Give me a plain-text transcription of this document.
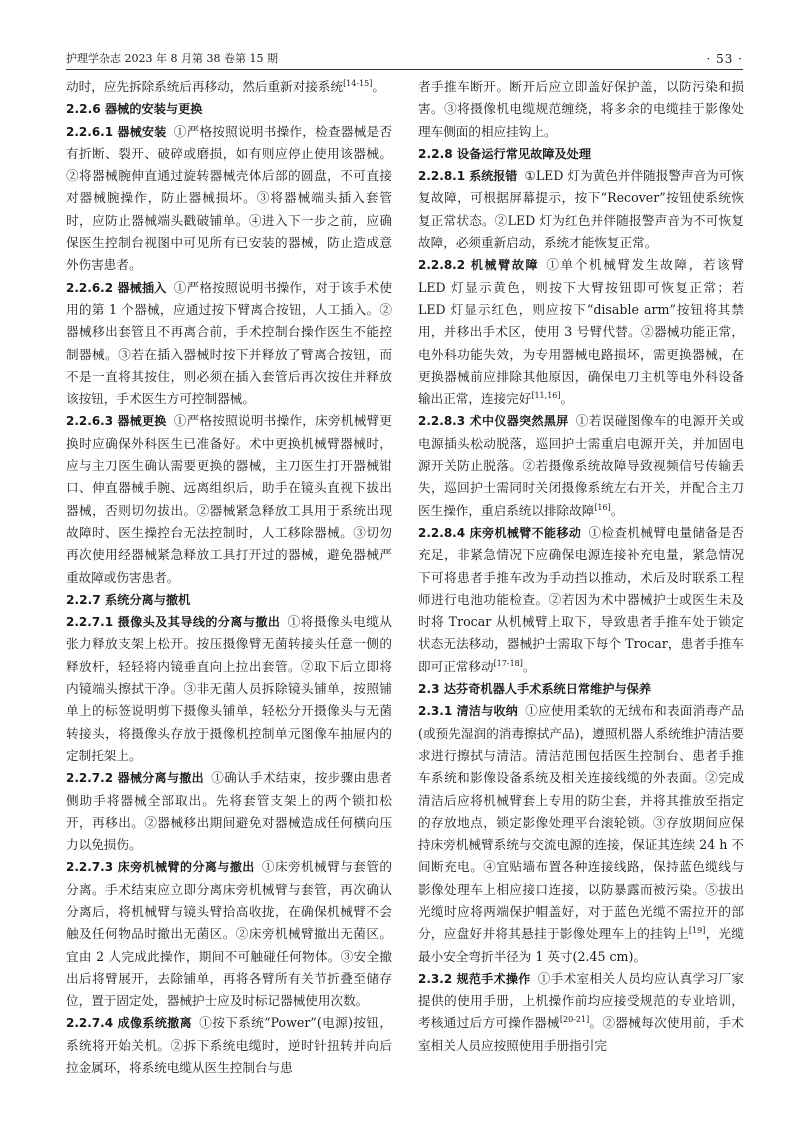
护理学杂志 2023 年 8 月第 38 卷第 15 期	· 53 ·

动时，应先拆除系统后再移动，然后重新对接系统[14-15]。

2.2.6 器械的安装与更换

2.2.6.1 器械安装 ①严格按照说明书操作，检查器械是否有折断、裂开、破碎或磨损，如有则应停止使用该器械。②将器械腕伸直通过旋转器械壳体后部的圆盘，不可直接对器械腕操作，防止器械损坏。③将器械端头插入套管时，应防止器械端头戳破铺单。④进入下一步之前，应确保医生控制台视图中可见所有已安装的器械，防止造成意外伤害患者。

2.2.6.2 器械插入 ①严格按照说明书操作，对于该手术使用的第 1 个器械，应通过按下臂离合按钮，人工插入。②器械移出套管且不再离合前，手术控制台操作医生不能控制器械。③若在插入器械时按下并释放了臂离合按钮，而不是一直将其按住，则必须在插入套管后再次按住并释放该按钮，手术医生方可控制器械。

2.2.6.3 器械更换 ①严格按照说明书操作，床旁机械臂更换时应确保外科医生已准备好。术中更换机械臂器械时，应与主刀医生确认需要更换的器械，主刀医生打开器械钳口、伸直器械手腕、远离组织后，助手在镜头直视下拔出器械，否则切勿拔出。②器械紧急释放工具用于系统出现故障时、医生操控台无法控制时，人工移除器械。③切勿再次使用经器械紧急释放工具打开过的器械，避免器械严重故障或伤害患者。

2.2.7 系统分离与撤机

2.2.7.1 摄像头及其导线的分离与撤出 ①将摄像头电缆从张力释放支架上松开。按压摄像臂无菌转接头任意一侧的释放杆，轻轻将内镜垂直向上拉出套管。②取下后立即将内镜端头擦拭干净。③非无菌人员拆除镜头铺单，按照铺单上的标签说明剪下摄像头铺单，轻松分开摄像头与无菌转接头，将摄像头存放于摄像机控制单元图像车抽屉内的定制托架上。

2.2.7.2 器械分离与撤出 ①确认手术结束，按步骤由患者侧助手将器械全部取出。先将套管支架上的两个锁扣松开，再移出。②器械移出期间避免对器械造成任何横向压力以免损伤。

2.2.7.3 床旁机械臂的分离与撤出 ①床旁机械臂与套管的分离。手术结束应立即分离床旁机械臂与套管，再次确认分离后，将机械臂与镜头臂拾高收拢，在确保机械臂不会触及任何物品时撤出无菌区。②床旁机械臂撤出无菌区。宜由 2 人完成此操作，期间不可触碰任何物体。③安全撤出后将臂展开，去除铺单，再将各臂所有关节折叠至储存位，置于固定处，器械护士应及时标记器械使用次数。

2.2.7.4 成像系统撤离 ①按下系统“Power”(电源)按钮，系统将开始关机。②拆下系统电缆时，逆时针扭转并向后拉金属环，将系统电缆从医生控制台与患

者手推车断开。断开后应立即盖好保护盖，以防污染和损害。③将摄像机电缆规范缠绕，将多余的电缆挂于影像处理车侧面的相应挂钩上。

2.2.8 设备运行常见故障及处理

2.2.8.1 系统报错 ①LED 灯为黄色并伴随报警声音为可恢复故障，可根据屏幕提示，按下“Recover”按钮使系统恢复正常状态。②LED 灯为红色并伴随报警声音为不可恢复故障，必须重新启动，系统才能恢复正常。

2.2.8.2 机械臂故障 ①单个机械臂发生故障，若该臂 LED 灯显示黄色，则按下大臂按钮即可恢复正常；若 LED 灯显示红色，则应按下“disable arm”按钮将其禁用，并移出手术区，使用 3 号臂代替。②器械功能正常，电外科功能失效，为专用器械电路损坏，需更换器械，在更换器械前应排除其他原因，确保电刀主机等电外科设备输出正常，连接完好[11,16]。

2.2.8.3 术中仪器突然黑屏 ①若误碰图像车的电源开关或电源插头松动脱落，巡回护士需重启电源开关，并加固电源开关防止脱落。②若摄像系统故障导致视频信号传输丢失，巡回护士需同时关闭摄像系统左右开关，并配合主刀医生操作，重启系统以排除故障[16]。

2.2.8.4 床旁机械臂不能移动 ①检查机械臂电量储备是否充足，非紧急情况下应确保电源连接补充电量，紧急情况下可将患者手推车改为手动挡以推动，术后及时联系工程师进行电池功能检查。②若因为术中器械护士或医生未及时将 Trocar 从机械臂上取下，导致患者手推车处于锁定状态无法移动，器械护士需取下每个 Trocar，患者手推车即可正常移动[17-18]。

2.3 达芬奇机器人手术系统日常维护与保养

2.3.1 清洁与收纳 ①应使用柔软的无绒布和表面消毒产品(或预先湿润的消毒擦拭产品)，遵照机器人系统维护清洁要求进行擦拭与清洁。清洁范围包括医生控制台、患者手推车系统和影像设备系统及相关连接线缆的外表面。②完成清洁后应将机械臂套上专用的防尘套，并将其推放至指定的存放地点，锁定影像处理平台滚轮锁。③存放期间应保持床旁机械臂系统与交流电源的连接，保证其连续 24 h 不间断充电。④宜贴墙布置各种连接线路，保持蓝色缆线与影像处理车上相应接口连接，以防暴露而被污染。⑤拔出光缆时应将两端保护帽盖好，对于蓝色光缆不需拉开的部分，应盘好并将其悬挂于影像处理车上的挂钩上[19]，光缆最小安全弯折半径为 1 英寸(2.45 cm)。

2.3.2 规范手术操作 ①手术室相关人员均应认真学习厂家提供的使用手册，上机操作前均应接受规范的专业培训，考核通过后方可操作器械[20-21]。②器械每次使用前，手术室相关人员应按照使用手册指引完
